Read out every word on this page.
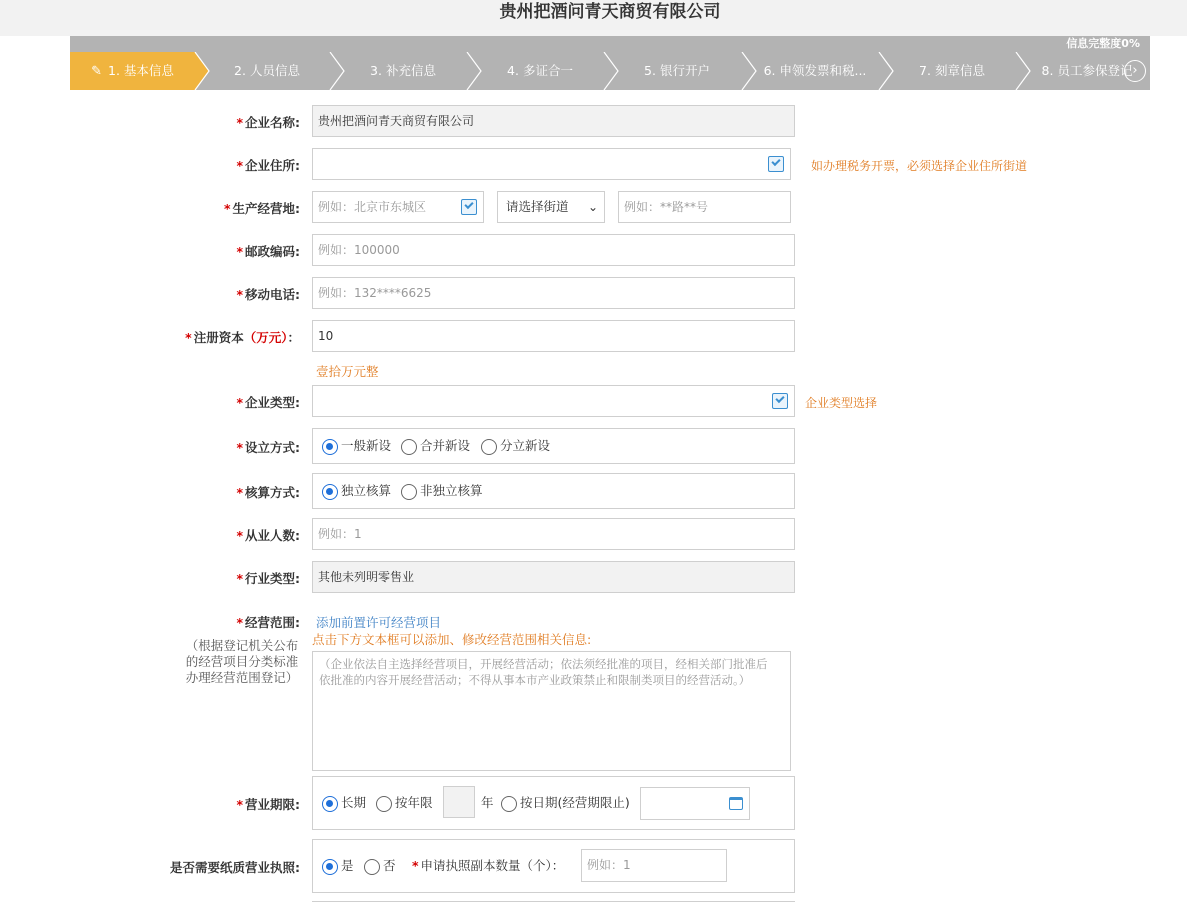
贵州把酒问青天商贸有限公司
信息完整度0%
✎ 1. 基本信息	2. 人员信息	3. 补充信息	4. 多证合一	5. 银行开户	6. 申领发票和税...	7. 刻章信息	8. 员工参保登记 ›
* 企业名称:	贵州把酒问青天商贸有限公司
* 企业住所:	如办理税务开票，必须选择企业住所街道
* 生产经营地:	例如：北京市东城区	请选择街道 ⌄	例如：**路**号
* 邮政编码:	例如：100000
* 移动电话:	例如：132****6625
* 注册资本（万元）：	10
壹拾万元整
* 企业类型:	企业类型选择
* 设立方式:	一般新设	合并新设	分立新设
* 核算方式:	独立核算	非独立核算
* 从业人数:	例如：1
* 行业类型:	其他未列明零售业
* 经营范围:
（根据登记机关公布
的经营项目分类标准
办理经营范围登记）
添加前置许可经营项目
点击下方文本框可以添加、修改经营范围相关信息:
（企业依法自主选择经营项目，开展经营活动；依法须经批准的项目，经相关部门批准后
依批准的内容开展经营活动；不得从事本市产业政策禁止和限制类项目的经营活动。）
* 营业期限:	长期	按年限	年	按日期(经营期限止)
是否需要纸质营业执照:	是	否 * 申请执照副本数量（个）：	例如：1
